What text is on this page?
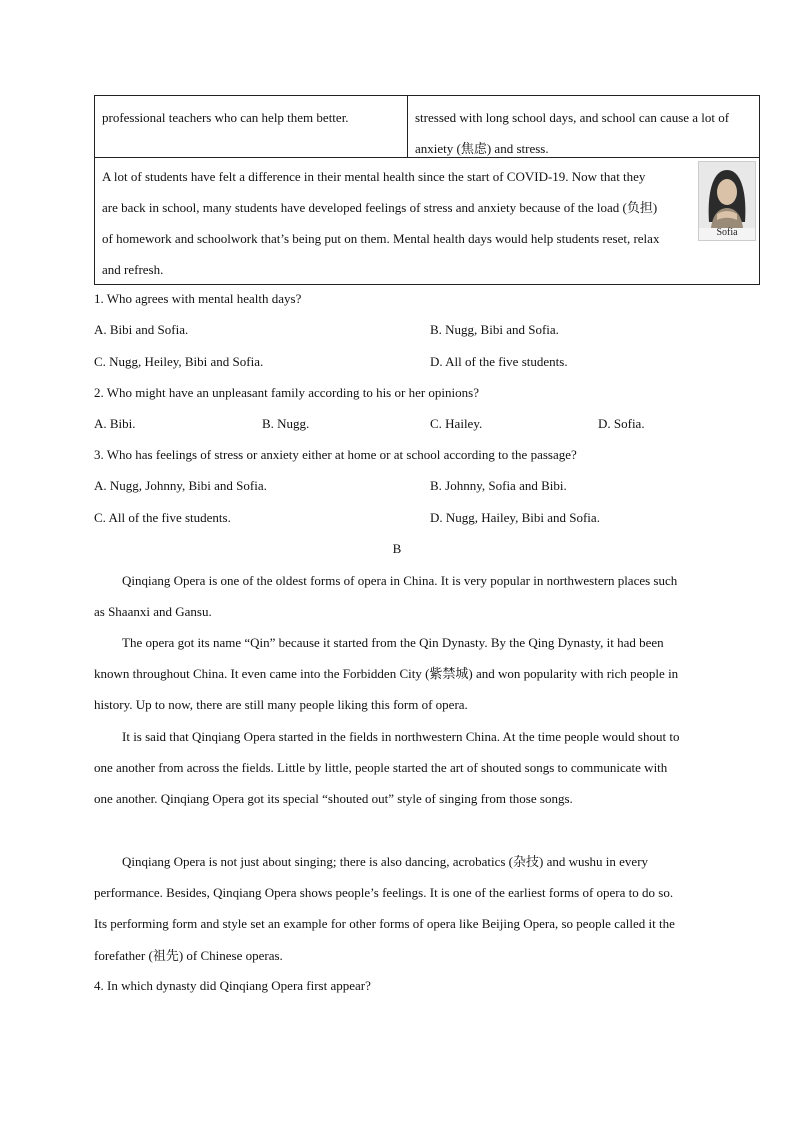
professional teachers who can help them better.	stressed with long school days, and school can cause a lot of anxiety (焦虑) and stress.
A lot of students have felt a difference in their mental health since the start of COVID-19. Now that they are back in school, many students have developed feelings of stress and anxiety because of the load (负担) of homework and schoolwork that’s being put on them. Mental health days would help students reset, relax and refresh.
Sofia
1. Who agrees with mental health days?
A. Bibi and Sofia.	B. Nugg, Bibi and Sofia.
C. Nugg, Heiley, Bibi and Sofia.	D. All of the five students.
2. Who might have an unpleasant family according to his or her opinions?
A. Bibi.	B. Nugg.	C. Hailey.	D. Sofia.
3. Who has feelings of stress or anxiety either at home or at school according to the passage?
A. Nugg, Johnny, Bibi and Sofia.	B. Johnny, Sofia and Bibi.
C. All of the five students.	D. Nugg, Hailey, Bibi and Sofia.
B
Qinqiang Opera is one of the oldest forms of opera in China. It is very popular in northwestern places such as Shaanxi and Gansu.
The opera got its name “Qin” because it started from the Qin Dynasty. By the Qing Dynasty, it had been known throughout China. It even came into the Forbidden City (紫禁城) and won popularity with rich people in history. Up to now, there are still many people liking this form of opera.
It is said that Qinqiang Opera started in the fields in northwestern China. At the time people would shout to one another from across the fields. Little by little, people started the art of shouted songs to communicate with one another. Qinqiang Opera got its special “shouted out” style of singing from those songs.
Qinqiang Opera is not just about singing; there is also dancing, acrobatics (杂技) and wushu in every performance. Besides, Qinqiang Opera shows people’s feelings. It is one of the earliest forms of opera to do so. Its performing form and style set an example for other forms of opera like Beijing Opera, so people called it the forefather (祖先) of Chinese operas.
4. In which dynasty did Qinqiang Opera first appear?
